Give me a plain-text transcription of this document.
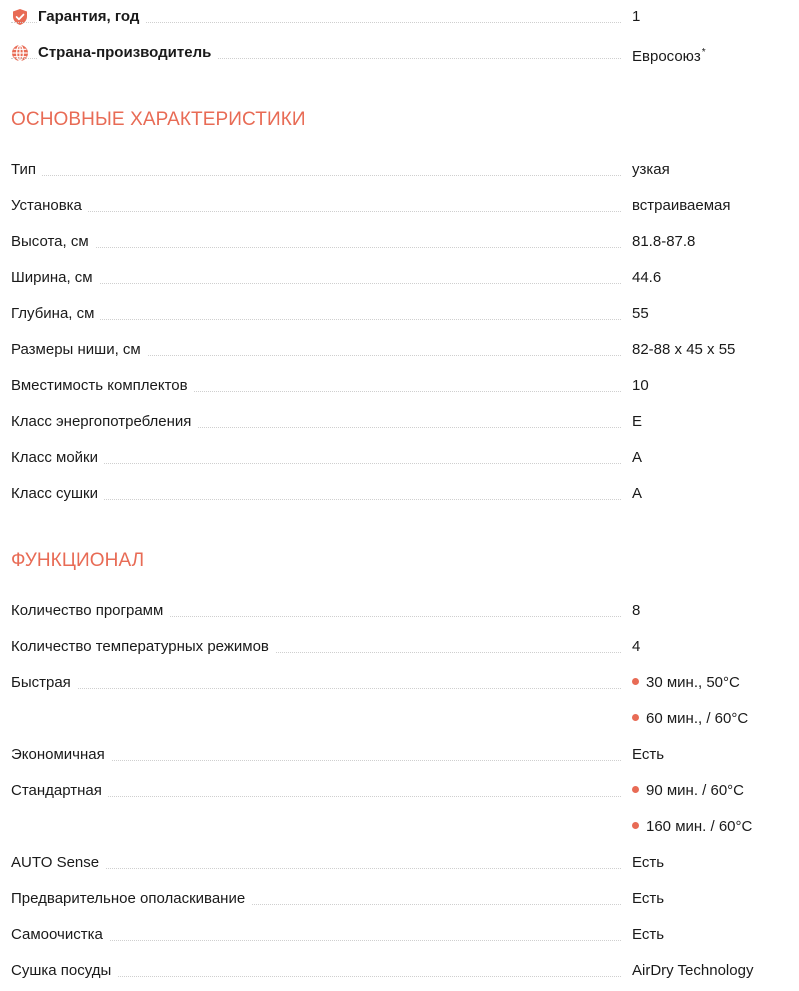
Гарантия, год	1
Страна-производитель	Евросоюз*
ОСНОВНЫЕ ХАРАКТЕРИСТИКИ
Тип	узкая
Установка	встраиваемая
Высота, см	81.8-87.8
Ширина, см	44.6
Глубина, см	55
Размеры ниши, см	82-88 x 45 x 55
Вместимость комплектов	10
Класс энергопотребления	E
Класс мойки	A
Класс сушки	A
ФУНКЦИОНАЛ
Количество программ	8
Количество температурных режимов	4
Быстрая	30 мин., 50°C
60 мин., / 60°C
Экономичная	Есть
Стандартная	90 мин. / 60°C
160 мин. / 60°C
AUTO Sense	Есть
Предварительное ополаскивание	Есть
Самоочистка	Есть
Сушка посуды	AirDry Technology
